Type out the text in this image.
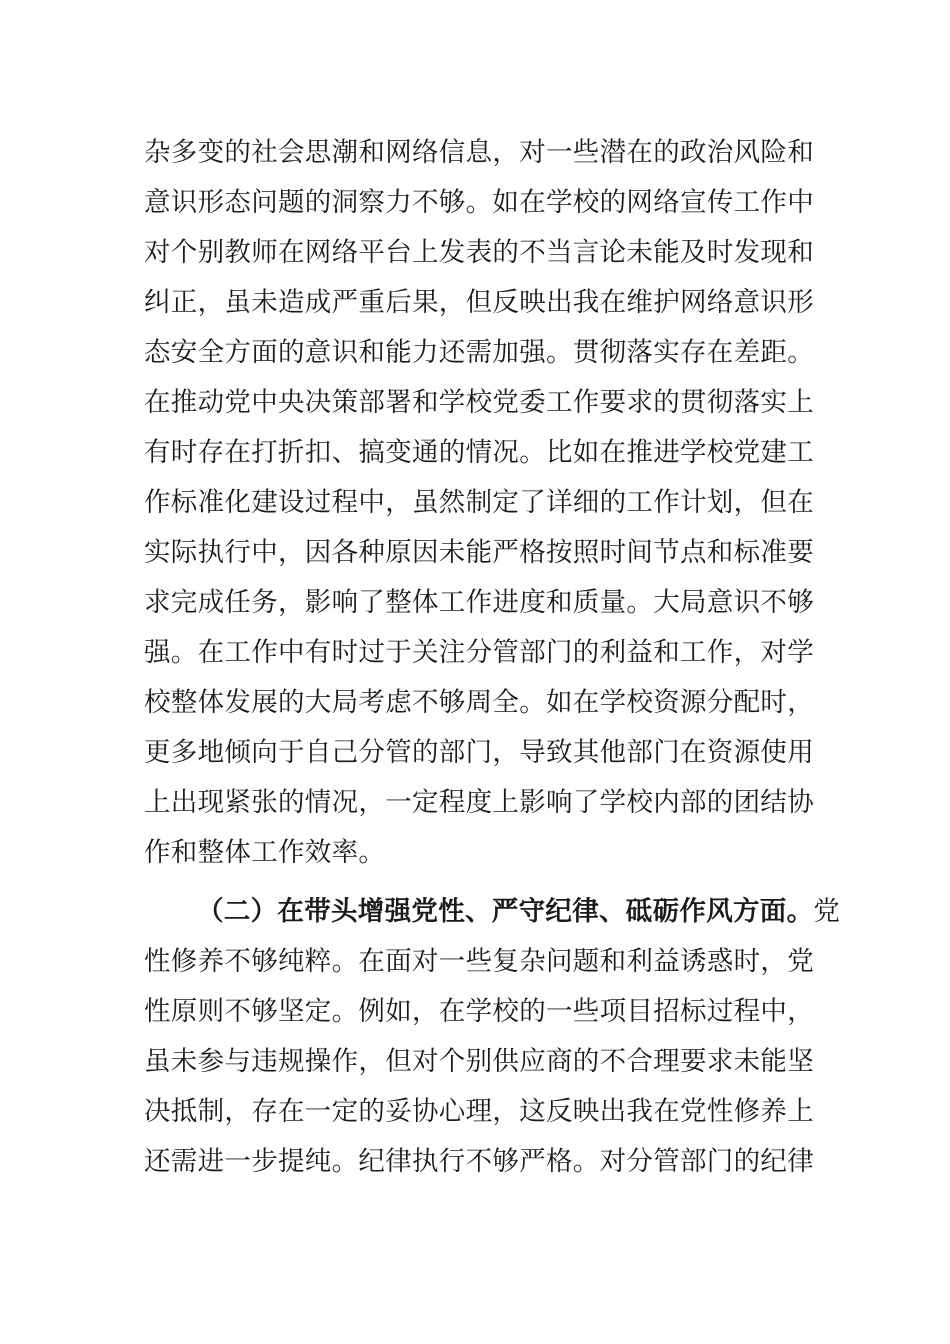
杂多变的社会思潮和网络信息，对一些潜在的政治风险和
意识形态问题的洞察力不够。如在学校的网络宣传工作中
对个别教师在网络平台上发表的不当言论未能及时发现和
纠正，虽未造成严重后果，但反映出我在维护网络意识形
态安全方面的意识和能力还需加强。贯彻落实存在差距。
在推动党中央决策部署和学校党委工作要求的贯彻落实上
有时存在打折扣、搞变通的情况。比如在推进学校党建工
作标准化建设过程中，虽然制定了详细的工作计划，但在
实际执行中，因各种原因未能严格按照时间节点和标准要
求完成任务，影响了整体工作进度和质量。大局意识不够
强。在工作中有时过于关注分管部门的利益和工作，对学
校整体发展的大局考虑不够周全。如在学校资源分配时，
更多地倾向于自己分管的部门，导致其他部门在资源使用
上出现紧张的情况，一定程度上影响了学校内部的团结协
作和整体工作效率。
（二）在带头增强党性、严守纪律、砥砺作风方面。党
性修养不够纯粹。在面对一些复杂问题和利益诱惑时，党
性原则不够坚定。例如，在学校的一些项目招标过程中，
虽未参与违规操作，但对个别供应商的不合理要求未能坚
决抵制，存在一定的妥协心理，这反映出我在党性修养上
还需进一步提纯。纪律执行不够严格。对分管部门的纪律
